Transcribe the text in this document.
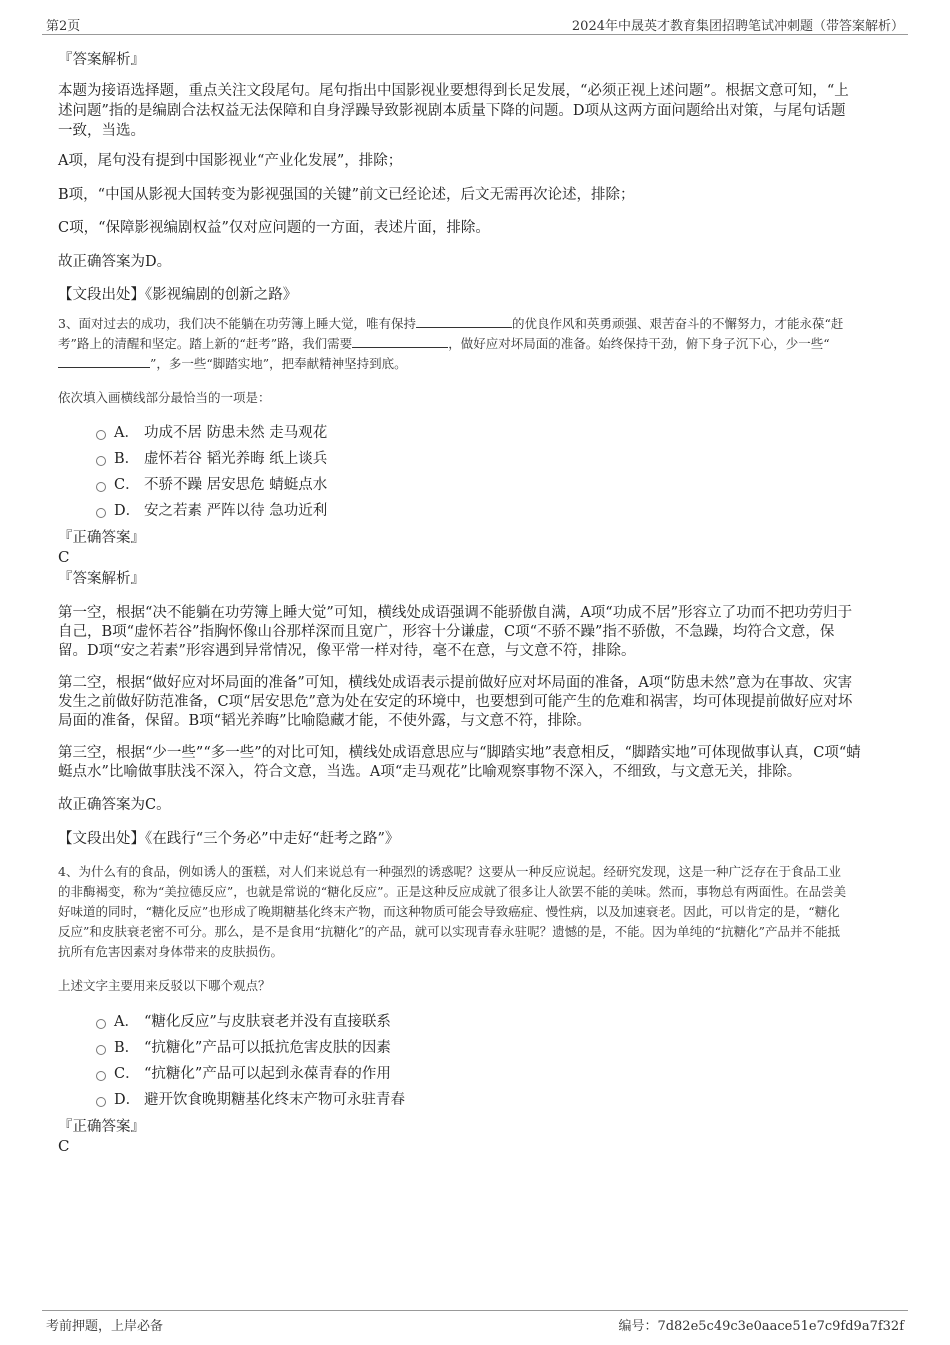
第2页	2024年中晟英才教育集团招聘笔试冲刺题（带答案解析）
『答案解析』
本题为接语选择题，重点关注文段尾句。尾句指出中国影视业要想得到长足发展，“必须正视上述问题”。根据文意可知，“上
述问题”指的是编剧合法权益无法保障和自身浮躁导致影视剧本质量下降的问题。D项从这两方面问题给出对策，与尾句话题
一致，当选。
A项，尾句没有提到中国影视业“产业化发展”，排除；
B项，“中国从影视大国转变为影视强国的关键”前文已经论述，后文无需再次论述，排除；
C项，“保障影视编剧权益”仅对应问题的一方面，表述片面，排除。
故正确答案为D。
【文段出处】《影视编剧的创新之路》
3、面对过去的成功，我们决不能躺在功劳簿上睡大觉，唯有保持	的优良作风和英勇顽强、艰苦奋斗的不懈努力，才能永葆“赶
考”路上的清醒和坚定。踏上新的“赶考”路，我们需要	，做好应对坏局面的准备。始终保持干劲，俯下身子沉下心，少一些“
”，多一些“脚踏实地”，把奉献精神坚持到底。
依次填入画横线部分最恰当的一项是：
A． 功成不居 防患未然 走马观花
B． 虚怀若谷 韬光养晦 纸上谈兵
C． 不骄不躁 居安思危 蜻蜓点水
D． 安之若素 严阵以待 急功近利
『正确答案』
C
『答案解析』
第一空，根据“决不能躺在功劳簿上睡大觉”可知，横线处成语强调不能骄傲自满，A项“功成不居”形容立了功而不把功劳归于
自己，B项“虚怀若谷”指胸怀像山谷那样深而且宽广，形容十分谦虚，C项“不骄不躁”指不骄傲，不急躁，均符合文意，保
留。D项“安之若素”形容遇到异常情况，像平常一样对待，毫不在意，与文意不符，排除。
第二空，根据“做好应对坏局面的准备”可知，横线处成语表示提前做好应对坏局面的准备，A项“防患未然”意为在事故、灾害
发生之前做好防范准备，C项“居安思危”意为处在安定的环境中，也要想到可能产生的危难和祸害，均可体现提前做好应对坏
局面的准备，保留。B项“韬光养晦”比喻隐藏才能，不使外露，与文意不符，排除。
第三空，根据“少一些”“多一些”的对比可知，横线处成语意思应与“脚踏实地”表意相反，“脚踏实地”可体现做事认真，C项“蜻
蜓点水”比喻做事肤浅不深入，符合文意，当选。A项“走马观花”比喻观察事物不深入，不细致，与文意无关，排除。
故正确答案为C。
【文段出处】《在践行“三个务必”中走好“赶考之路”》
4、为什么有的食品，例如诱人的蛋糕，对人们来说总有一种强烈的诱惑呢？这要从一种反应说起。经研究发现，这是一种广泛存在于食品工业
的非酶褐变，称为“美拉德反应”，也就是常说的“糖化反应”。正是这种反应成就了很多让人欲罢不能的美味。然而，事物总有两面性。在品尝美
好味道的同时，“糖化反应”也形成了晚期糖基化终末产物，而这种物质可能会导致癌症、慢性病，以及加速衰老。因此，可以肯定的是，“糖化
反应”和皮肤衰老密不可分。那么，是不是食用“抗糖化”的产品，就可以实现青春永驻呢？遗憾的是，不能。因为单纯的“抗糖化”产品并不能抵
抗所有危害因素对身体带来的皮肤损伤。
上述文字主要用来反驳以下哪个观点？
A． “糖化反应”与皮肤衰老并没有直接联系
B． “抗糖化”产品可以抵抗危害皮肤的因素
C． “抗糖化”产品可以起到永葆青春的作用
D． 避开饮食晚期糖基化终末产物可永驻青春
『正确答案』
C
考前押题，上岸必备	编号：7d82e5c49c3e0aace51e7c9fd9a7f32f
